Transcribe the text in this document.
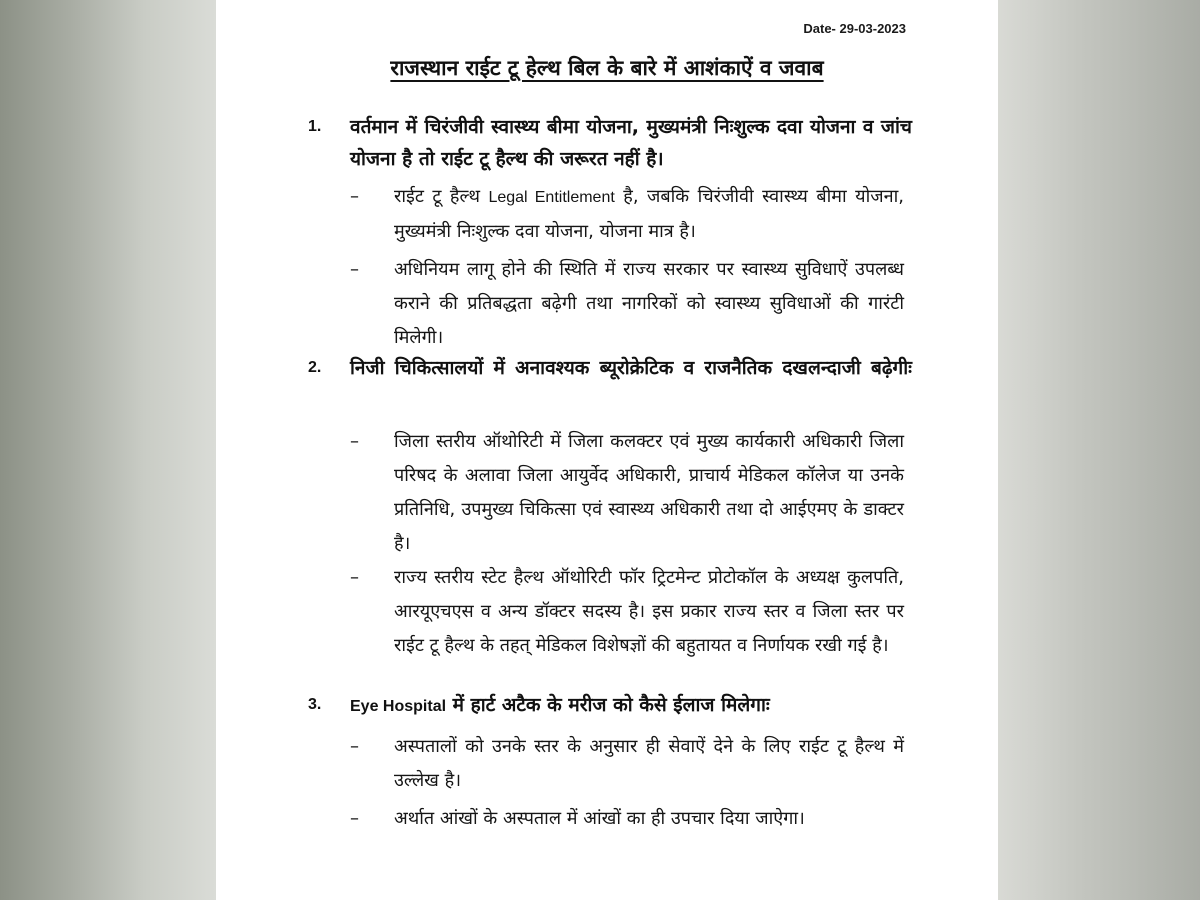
Date- 29-03-2023
राजस्थान राईट टू हेल्थ बिल के बारे में आशंकाऐं व जवाब
1.	वर्तमान में चिरंजीवी स्वास्थ्य बीमा योजना, मुख्यमंत्री निःशुल्क दवा योजना व जांच योजना है तो राईट टू हैल्थ की जरूरत नहीं है।
–	राईट टू हैल्थ Legal Entitlement है, जबकि चिरंजीवी स्वास्थ्य बीमा योजना, मुख्यमंत्री निःशुल्क दवा योजना, योजना मात्र है।
–	अधिनियम लागू होने की स्थिति में राज्य सरकार पर स्वास्थ्य सुविधाऐं उपलब्ध कराने की प्रतिबद्धता बढ़ेगी तथा नागरिकों को स्वास्थ्य सुविधाओं की गारंटी मिलेगी।
2.	निजी चिकित्सालयों में अनावश्यक ब्यूरोक्रेटिक व राजनैतिक दखलन्दाजी बढ़ेगीः
–	जिला स्तरीय ऑथोरिटी में जिला कलक्टर एवं मुख्य कार्यकारी अधिकारी जिला परिषद के अलावा जिला आयुर्वेद अधिकारी, प्राचार्य मेडिकल कॉलेज या उनके प्रतिनिधि, उपमुख्य चिकित्सा एवं स्वास्थ्य अधिकारी तथा दो आईएमए के डाक्टर है।
–	राज्य स्तरीय स्टेट हैल्थ ऑथोरिटी फॉर ट्रिटमेन्ट प्रोटोकॉल के अध्यक्ष कुलपति, आरयूएचएस व अन्य डॉक्टर सदस्य है। इस प्रकार राज्य स्तर व जिला स्तर पर राईट टू हैल्थ के तहत् मेडिकल विशेषज्ञों की बहुतायत व निर्णायक रखी गई है।
3.	Eye Hospital में हार्ट अटैक के मरीज को कैसे ईलाज मिलेगाः
–	अस्पतालों को उनके स्तर के अनुसार ही सेवाऐं देने के लिए राईट टू हैल्थ में उल्लेख है।
–	अर्थात आंखों के अस्पताल में आंखों का ही उपचार दिया जाऐगा।
